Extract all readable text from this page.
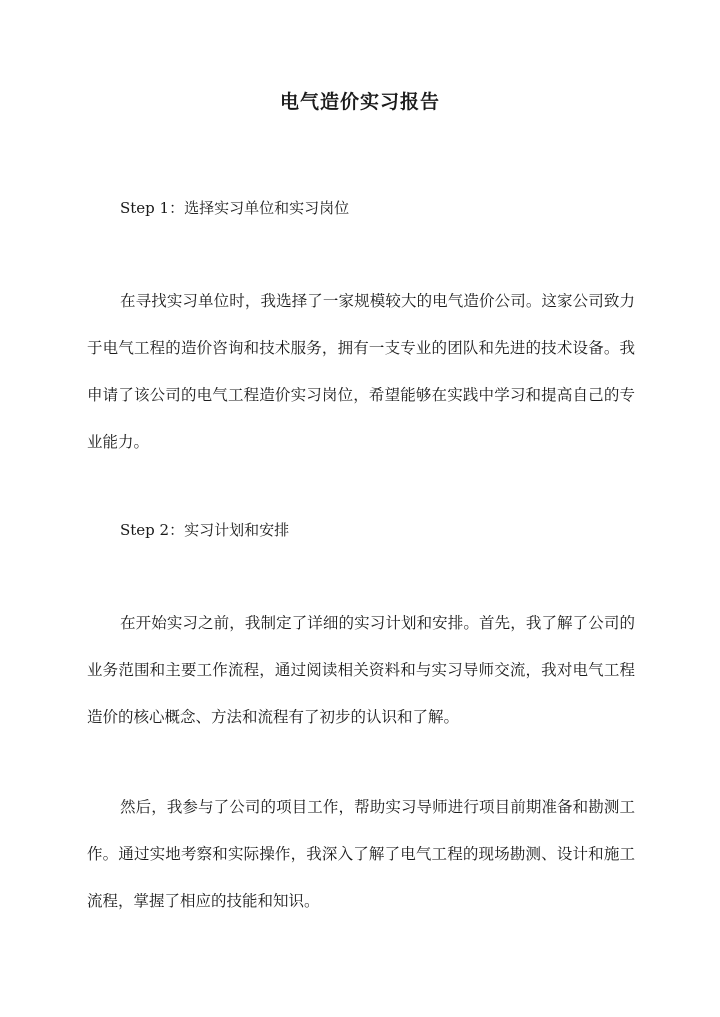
电气造价实习报告

Step 1：选择实习单位和实习岗位

在寻找实习单位时，我选择了一家规模较大的电气造价公司。这家公司致力于电气工程的造价咨询和技术服务，拥有一支专业的团队和先进的技术设备。我申请了该公司的电气工程造价实习岗位，希望能够在实践中学习和提高自己的专业能力。

Step 2：实习计划和安排

在开始实习之前，我制定了详细的实习计划和安排。首先，我了解了公司的业务范围和主要工作流程，通过阅读相关资料和与实习导师交流，我对电气工程造价的核心概念、方法和流程有了初步的认识和了解。

然后，我参与了公司的项目工作，帮助实习导师进行项目前期准备和勘测工作。通过实地考察和实际操作，我深入了解了电气工程的现场勘测、设计和施工流程，掌握了相应的技能和知识。
